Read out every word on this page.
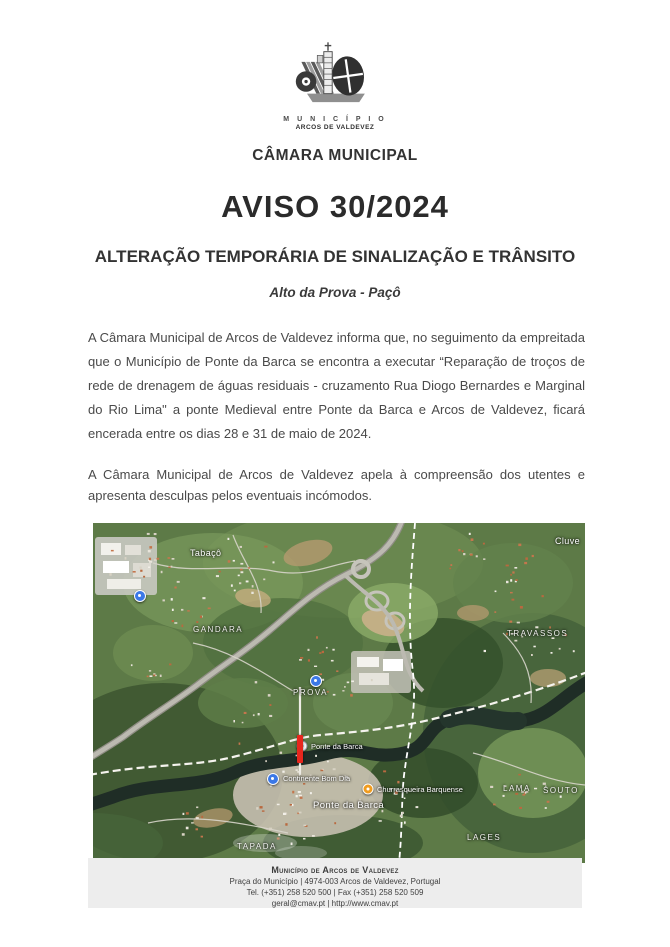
M U N I C Í P I O
ARCOS DE VALDEVEZ
CÂMARA MUNICIPAL
AVISO 30/2024
ALTERAÇÃO TEMPORÁRIA DE SINALIZAÇÃO E TRÂNSITO
Alto da Prova - Paçô

A Câmara Municipal de Arcos de Valdevez informa que, no seguimento da empreitada que o Município de Ponte da Barca se encontra a executar “Reparação de troços de rede de drenagem de águas residuais - cruzamento Rua Diogo Bernardes e Marginal do Rio Lima" a ponte Medieval entre Ponte da Barca e Arcos de Valdevez, ficará encerada entre os dias 28 e 31 de maio de 2024.

A Câmara Municipal de Arcos de Valdevez apela à compreensão dos utentes e apresenta desculpas pelos eventuais incómodos.

Tabaçô
Cluve
GANDARA	TRAVASSOS
PROVA
LAMA SOUTO
LAGES
TAPADA
Ponte da Barca
Ponte da Barca
Continente Bom Dia
Churrasqueira Barquense
Município de Arcos de Valdevez
Praça do Município | 4974-003 Arcos de Valdevez, Portugal
Tel. (+351) 258 520 500 | Fax (+351) 258 520 509
geral@cmav.pt | http://www.cmav.pt
